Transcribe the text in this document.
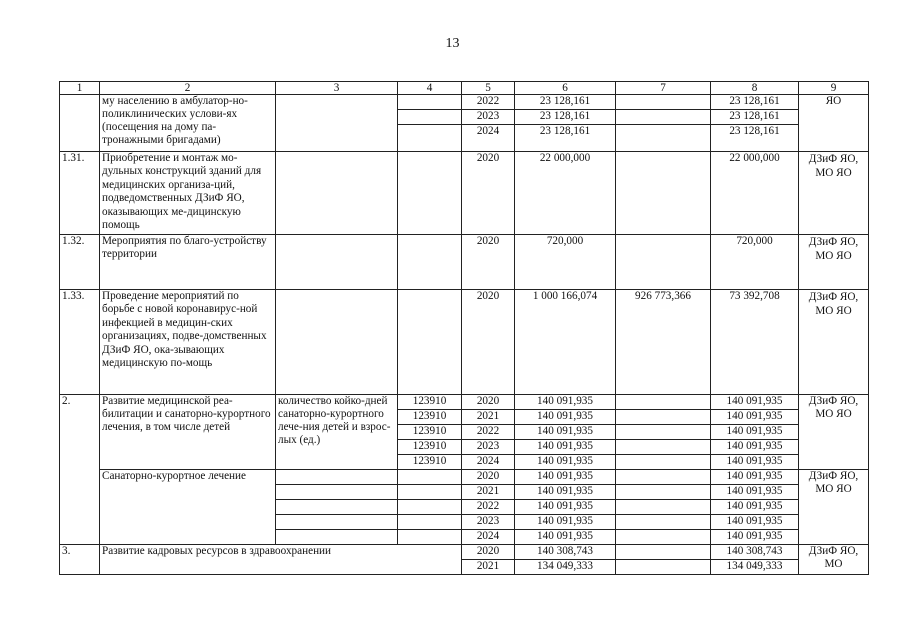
13
1	2	3	4	5	6	7	8	9
	му населению в амбулатор-но-поликлинических услови-ях (посещения на дому па-тронажными бригадами)			2022	23 128,161		23 128,161	ЯО
				2023	23 128,161		23 128,161	
				2024	23 128,161		23 128,161	
1.31.	Приобретение и монтаж мо-дульных конструкций зданий для медицинских организа-ций, подведомственных ДЗиФ ЯО, оказывающих ме-дицинскую помощь			2020	22 000,000		22 000,000	ДЗиФ ЯО, МО ЯО
1.32.	Мероприятия по благо-устройству территории			2020	720,000		720,000	ДЗиФ ЯО, МО ЯО
1.33.	Проведение мероприятий по борьбе с новой коронавирус-ной инфекцией в медицин-ских организациях, подве-домственных ДЗиФ ЯО, ока-зывающих медицинскую по-мощь			2020	1 000 166,074	926 773,366	73 392,708	ДЗиФ ЯО, МО ЯО
2.	Развитие медицинской реа-билитации и санаторно-курортного лечения, в том числе детей	количество койко-дней санаторно-курортного лече-ния детей и взрос-лых (ед.)	123910	2020	140 091,935		140 091,935	ДЗиФ ЯО, МО ЯО
			123910	2021	140 091,935		140 091,935	
			123910	2022	140 091,935		140 091,935	
			123910	2023	140 091,935		140 091,935	
			123910	2024	140 091,935		140 091,935	
	Санаторно-курортное лечение			2020	140 091,935		140 091,935	ДЗиФ ЯО, МО ЯО
				2021	140 091,935		140 091,935	
				2022	140 091,935		140 091,935	
				2023	140 091,935		140 091,935	
				2024	140 091,935		140 091,935	
3.	Развитие кадровых ресурсов в здравоохранении			2020	140 308,743		140 308,743	ДЗиФ ЯО, МО
				2021	134 049,333		134 049,333	
